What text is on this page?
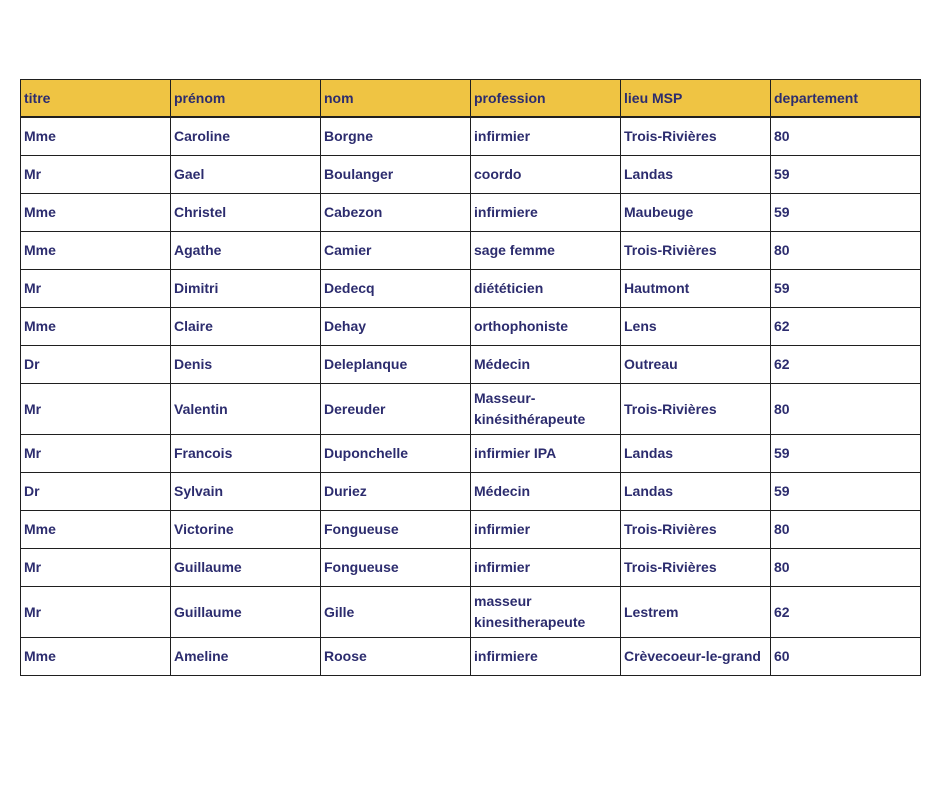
titre	prénom	nom	profession	lieu MSP	departement
Mme	Caroline	Borgne	infirmier	Trois-Rivières	80
Mr	Gael	Boulanger	coordo	Landas	59
Mme	Christel	Cabezon	infirmiere	Maubeuge	59
Mme	Agathe	Camier	sage femme	Trois-Rivières	80
Mr	Dimitri	Dedecq	diététicien	Hautmont	59
Mme	Claire	Dehay	orthophoniste	Lens	62
Dr	Denis	Deleplanque	Médecin	Outreau	62
Mr	Valentin	Dereuder	Masseur-kinésithérapeute	Trois-Rivières	80
Mr	Francois	Duponchelle	infirmier IPA	Landas	59
Dr	Sylvain	Duriez	Médecin	Landas	59
Mme	Victorine	Fongueuse	infirmier	Trois-Rivières	80
Mr	Guillaume	Fongueuse	infirmier	Trois-Rivières	80
Mr	Guillaume	Gille	masseur kinesitherapeute	Lestrem	62
Mme	Ameline	Roose	infirmiere	Crèvecoeur-le-grand	60
